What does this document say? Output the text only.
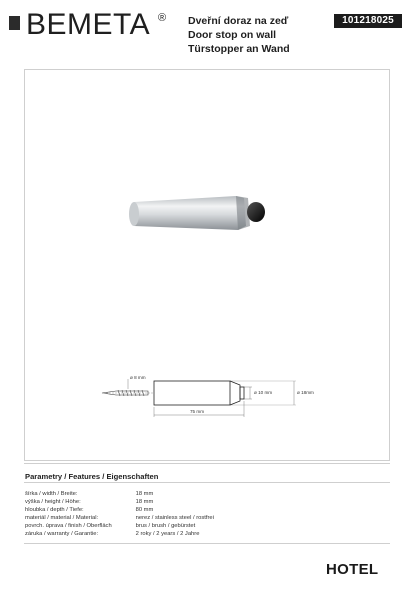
BEMETA ® Dveřní doraz na zeď
Door stop on wall
Türstopper an Wand
101218025
ø 8 mm
ø 10 mm	ø 18mm
75 mm
Parametry / Features / Eigenschaften
šírka / width / Breite:	18 mm
výška / height / Höhe:	18 mm
hloubka / depth / Tiefe:	80 mm
materiál / material / Material:	nerez / stainless steel / rostfrei
povrch. úprava / finish / Oberfläch	brus / brush / gebürstet
záruka / warranty / Garantie:	2 roky / 2 years / 2 Jahre
HOTEL
